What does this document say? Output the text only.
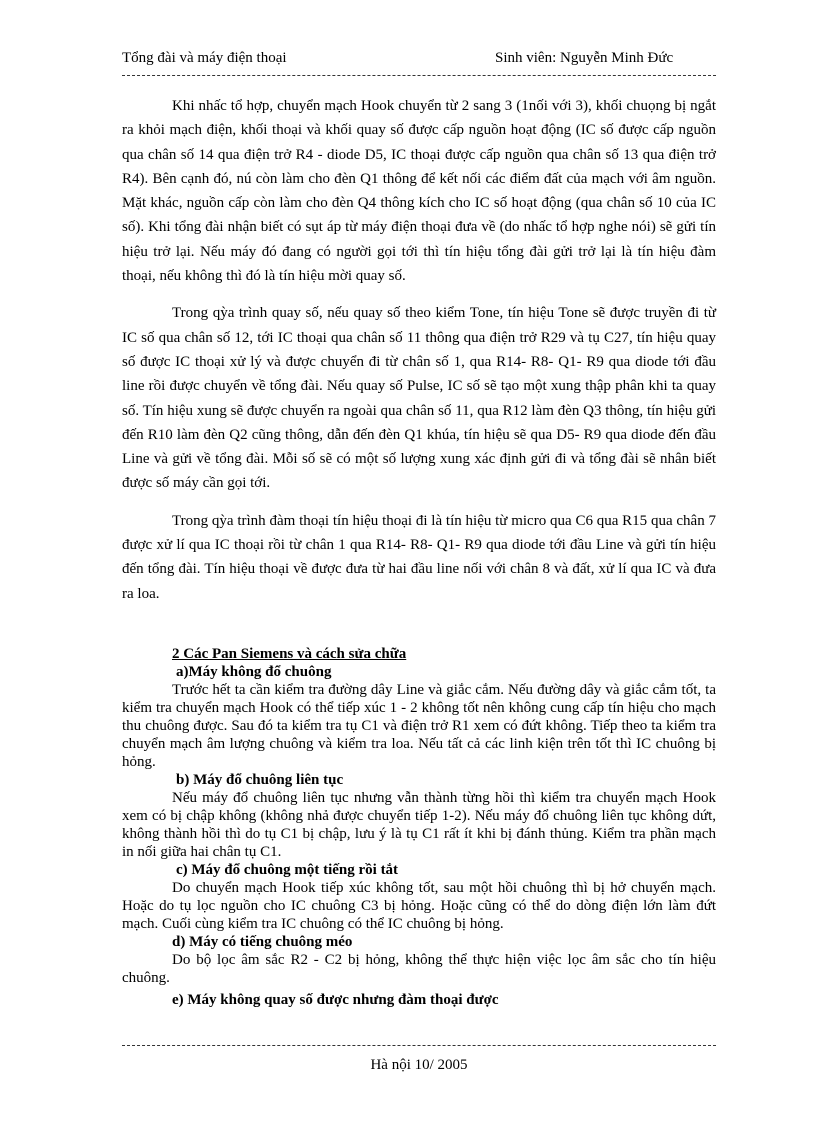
Tổng đài và máy điện thoại	Sinh viên: Nguyễn Minh Đức

Khi nhấc tổ hợp, chuyển mạch Hook chuyển từ 2 sang 3 (1nối với 3), khối chuọng bị ngắt ra khỏi mạch điện, khối thoại và khối quay số được cấp nguồn hoạt động (IC số được cấp nguồn qua chân số 14 qua điện trở R4 - diode D5, IC thoại được cấp nguồn qua chân số 13 qua điện trở R4). Bên cạnh đó, nú còn làm cho đèn Q1 thông để kết nối các điểm đất của mạch với âm nguồn. Mặt khác, nguồn cấp còn làm cho đèn Q4 thông kích cho IC số hoạt động (qua chân số 10 của IC số). Khi tổng đài nhận biết có sụt áp từ máy điện thoại đưa về (do nhấc tổ hợp nghe nói) sẽ gửi tín hiệu trở lại. Nếu máy đó đang có người gọi tới thì tín hiệu tổng đài gửi trở lại là tín hiệu đàm thoại, nếu không thì đó là tín hiệu mời quay số.

Trong qỳa trình quay số, nếu quay số theo kiểm Tone, tín hiệu Tone sẽ được truyền đi từ IC số qua chân số 12, tới IC thoại qua chân số 11 thông qua điện trở R29 và tụ C27, tín hiệu quay số được IC thoại xử lý và được chuyển đi từ chân số 1, qua R14- R8- Q1- R9 qua diode tới đầu line rồi được chuyển về tổng đài. Nếu quay số Pulse, IC số sẽ tạo một xung thập phân khi ta quay số. Tín hiệu xung sẽ được chuyển ra ngoài qua chân số 11, qua R12 làm đèn Q3 thông, tín hiệu gửi đến R10 làm đèn Q2 cũng thông, dẫn đến đèn Q1 khúa, tín hiệu sẽ qua D5- R9 qua diode đến đầu Line và gửi về tổng đài. Mỗi số sẽ có một số lượng xung xác định gửi đi và tổng đài sẽ nhân biết được số máy cần gọi tới.

Trong qỳa trình đàm thoại tín hiệu thoại đi là tín hiệu từ micro qua C6 qua R15 qua chân 7 được xử lí qua IC thoại rồi từ chân 1 qua R14- R8- Q1- R9 qua diode tới đầu Line và gửi tín hiệu đến tổng đài. Tín hiệu thoại về được đưa từ hai đầu line nối với chân 8 và đất, xử lí qua IC và đưa ra loa.

2 Các Pan Siemens và cách sửa chữa
a)Máy không đổ chuông

Trước hết ta cần kiểm tra đường dây Line và giắc cắm. Nếu đường dây và giắc cắm tốt, ta kiểm tra chuyển mạch Hook có thể tiếp xúc 1 - 2 không tốt nên không cung cấp tín hiệu cho mạch thu chuông được. Sau đó ta kiểm tra tụ C1 và điện trở R1 xem có đứt không. Tiếp theo ta kiểm tra chuyển mạch âm lượng chuông và kiểm tra loa. Nếu tất cả các linh kiện trên tốt thì IC chuông bị hỏng.

b) Máy đổ chuông liên tục

Nếu máy đổ chuông liên tục nhưng vẫn thành từng hồi thì kiểm tra chuyển mạch Hook xem có bị chập không (không nhả được chuyển tiếp 1-2). Nếu máy đổ chuông liên tục không dứt, không thành hồi thì do tụ C1 bị chập, lưu ý là tụ C1 rất ít khi bị đánh thủng. Kiểm tra phần mạch in nối giữa hai chân tụ C1.

c) Máy đổ chuông một tiếng rồi tắt

Do chuyển mạch Hook tiếp xúc không tốt, sau một hồi chuông thì bị hở chuyển mạch. Hoặc do tụ lọc nguồn cho IC chuông C3 bị hỏng. Hoặc cũng có thể do dòng điện lớn làm đứt mạch. Cuối cùng kiểm tra IC chuông có thể IC chuông bị hỏng.

d) Máy có tiếng chuông méo

Do bộ lọc âm sắc R2 - C2 bị hỏng, không thể thực hiện việc lọc âm sắc cho tín hiệu chuông.

e) Máy không quay số được nhưng đàm thoại được
Hà nội 10/ 2005
